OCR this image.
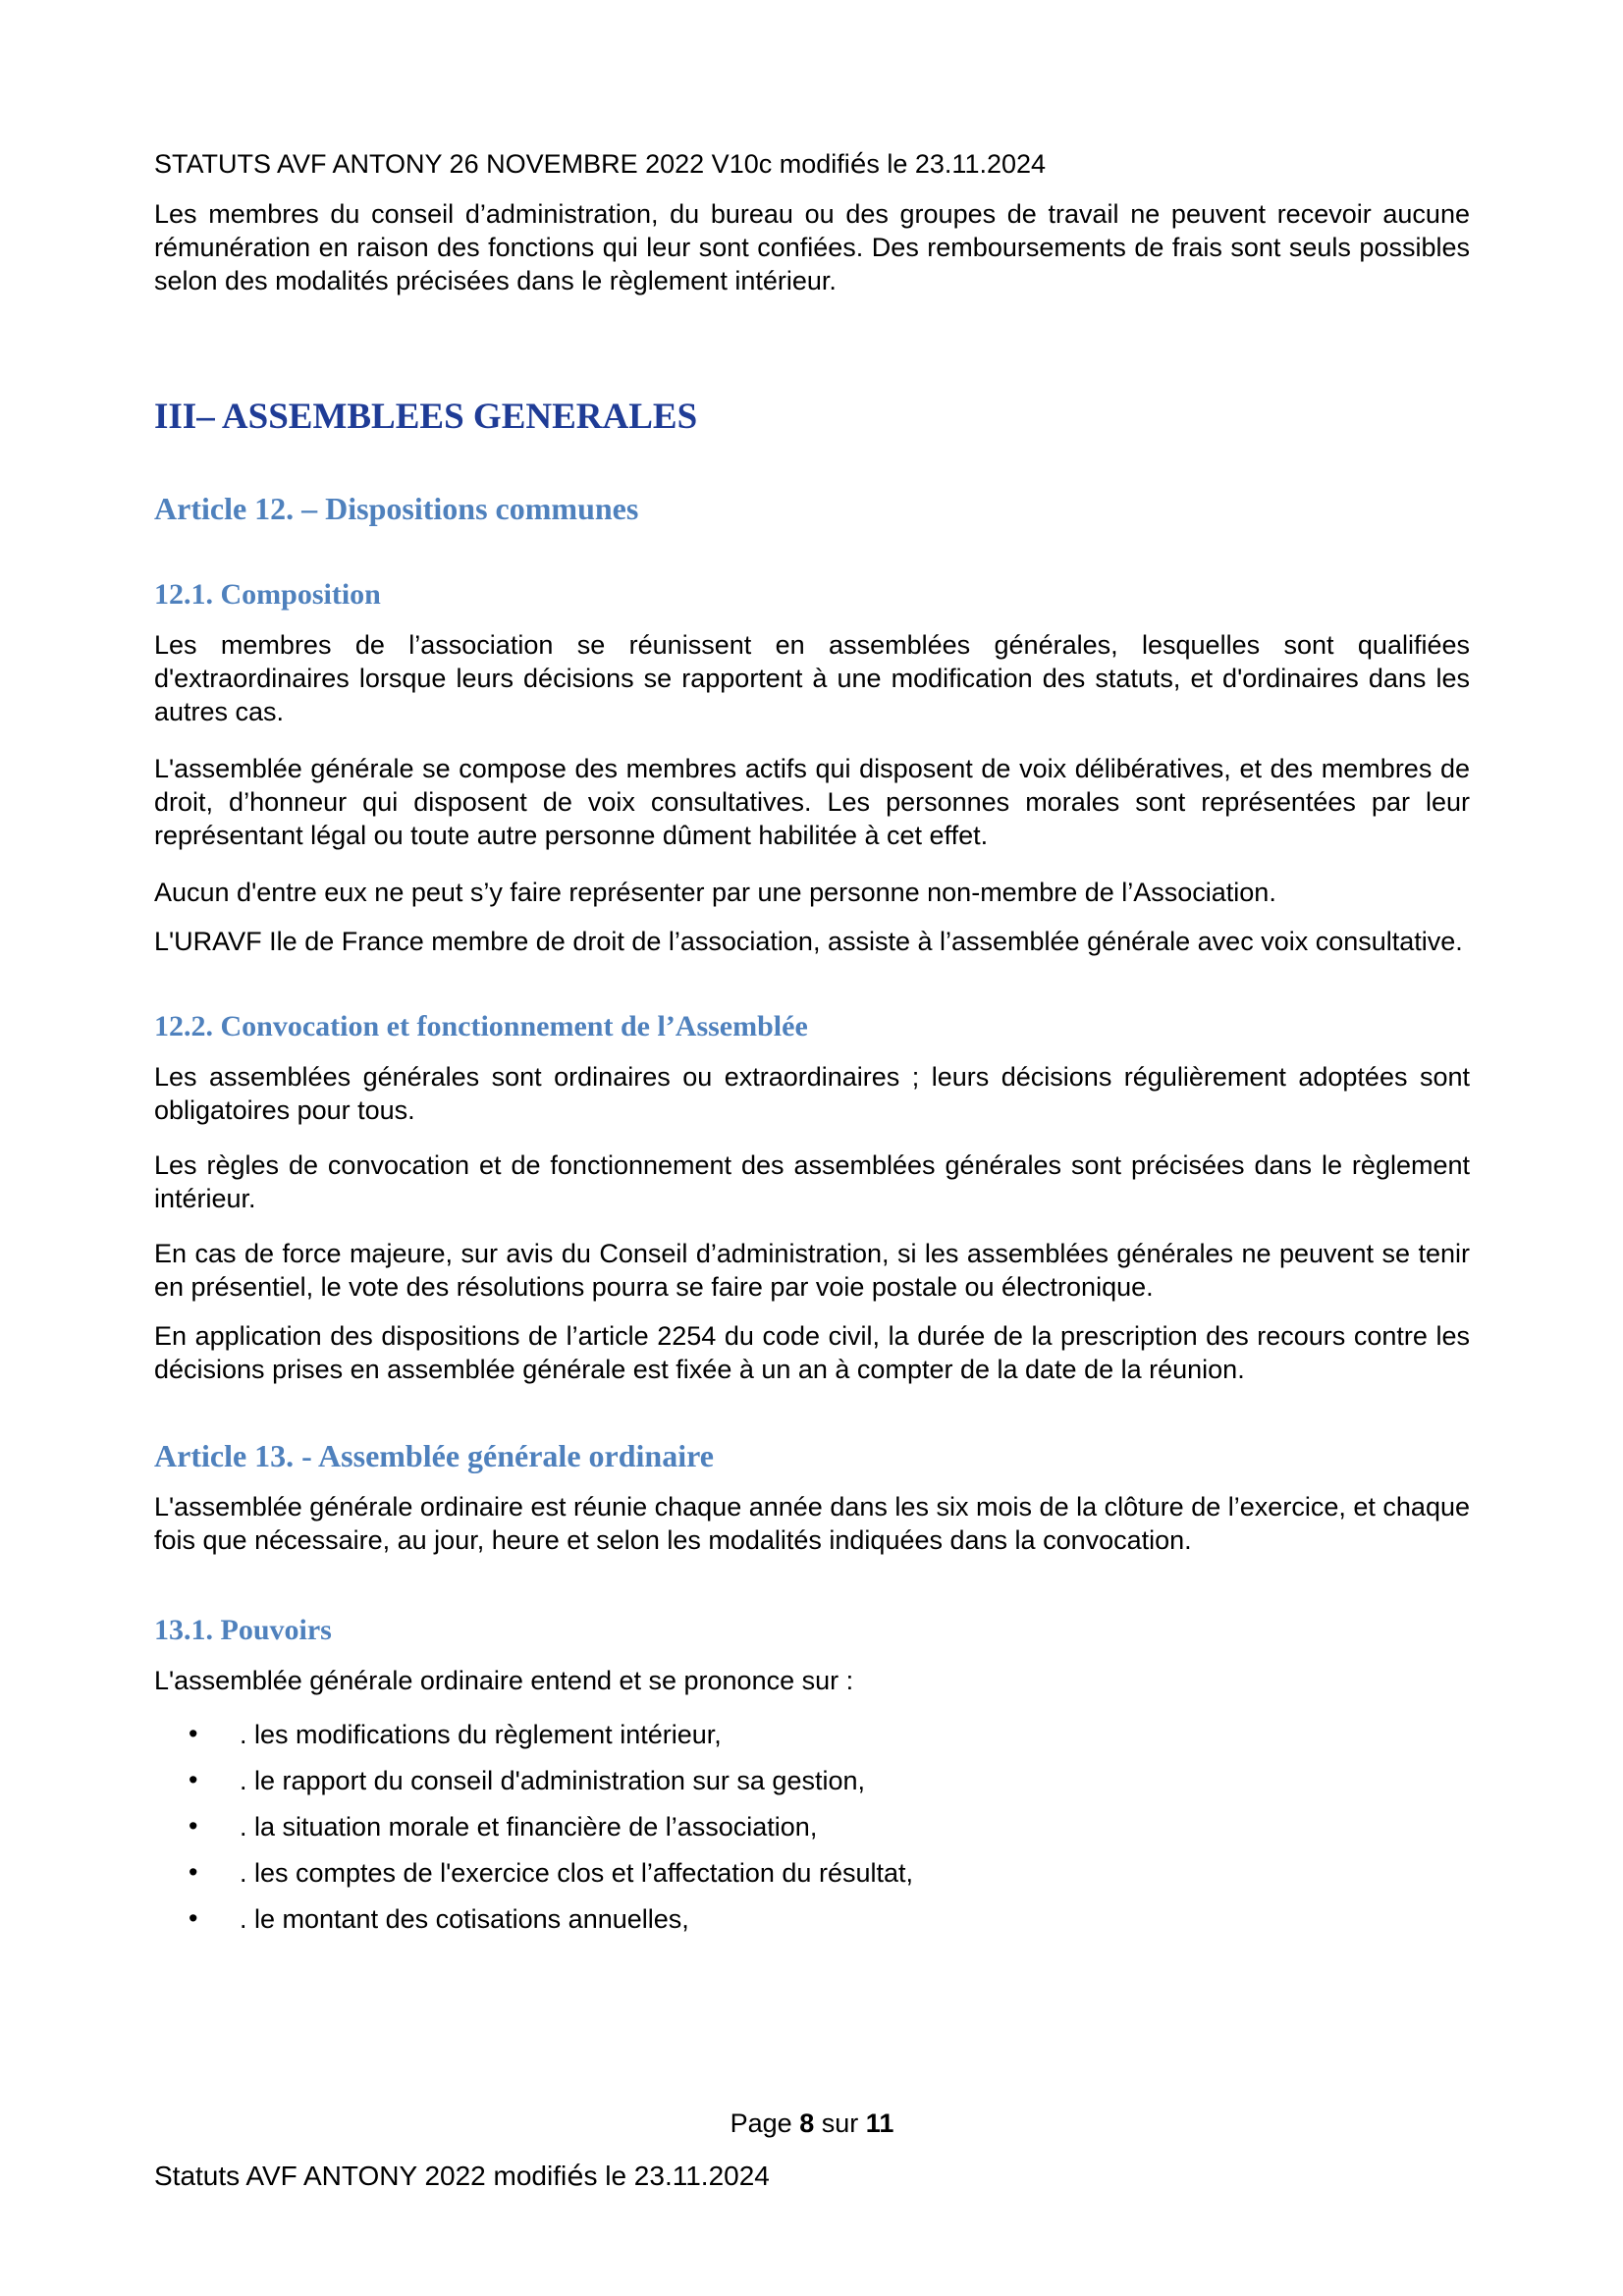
STATUTS AVF ANTONY 26 NOVEMBRE 2022 V10c modifiés le 23.11.2024

Les membres du conseil d’administration, du bureau ou des groupes de travail ne peuvent recevoir aucune rémunération en raison des fonctions qui leur sont confiées. Des remboursements de frais sont seuls possibles selon des modalités précisées dans le règlement intérieur.

III– ASSEMBLEES GENERALES
Article 12. – Dispositions communes
12.1. Composition

Les membres de l’association se réunissent en assemblées générales, lesquelles sont qualifiées d'extraordinaires lorsque leurs décisions se rapportent à une modification des statuts, et d'ordinaires dans les autres cas.

L'assemblée générale se compose des membres actifs qui disposent de voix délibératives, et des membres de droit, d’honneur qui disposent de voix consultatives. Les personnes morales sont représentées par leur représentant légal ou toute autre personne dûment habilitée à cet effet.

Aucun d'entre eux ne peut s’y faire représenter par une personne non-membre de l’Association.

L'URAVF Ile de France membre de droit de l’association, assiste à l’assemblée générale avec voix consultative.

12.2. Convocation et fonctionnement de l’Assemblée

Les assemblées générales sont ordinaires ou extraordinaires ; leurs décisions régulièrement adoptées sont obligatoires pour tous.

Les règles de convocation et de fonctionnement des assemblées générales sont précisées dans le règlement intérieur.

En cas de force majeure, sur avis du Conseil d’administration, si les assemblées générales ne peuvent se tenir en présentiel, le vote des résolutions pourra se faire par voie postale ou électronique.

En application des dispositions de l’article 2254 du code civil, la durée de la prescription des recours contre les décisions prises en assemblée générale est fixée à un an à compter de la date de la réunion.

Article 13. - Assemblée générale ordinaire

L'assemblée générale ordinaire est réunie chaque année dans les six mois de la clôture de l’exercice, et chaque fois que nécessaire, au jour, heure et selon les modalités indiquées dans la convocation.

13.1. Pouvoirs

L'assemblée générale ordinaire entend et se prononce sur :

• . les modifications du règlement intérieur,
• . le rapport du conseil d'administration sur sa gestion,
• . la situation morale et financière de l’association,
• . les comptes de l'exercice clos et l’affectation du résultat,
• . le montant des cotisations annuelles,
Page 8 sur 11
Statuts AVF ANTONY 2022 modifiés le 23.11.2024
